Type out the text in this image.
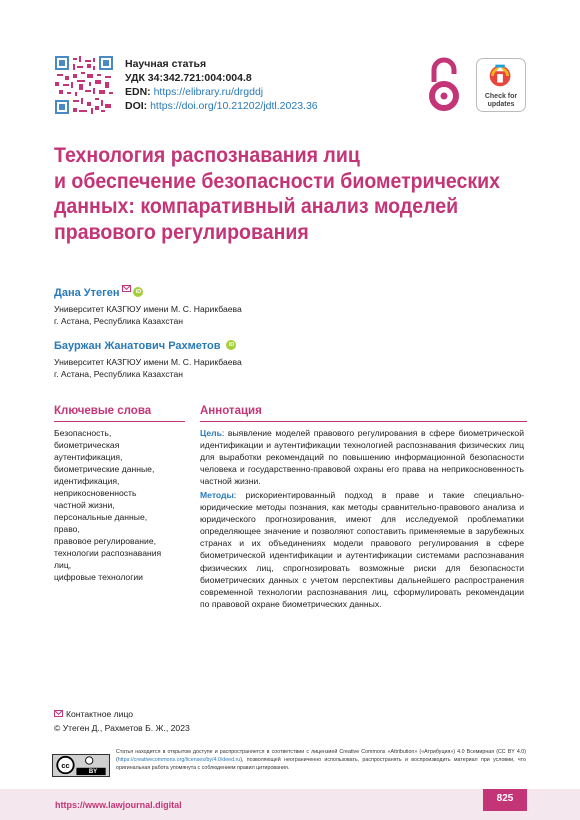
Научная статья
УДК 34:342.721:004:004.8
EDN: https://elibrary.ru/drgddj
DOI: https://doi.org/10.21202/jdtl.2023.36
Check for
updates
Технология распознавания лиц
и обеспечение безопасности биометрических
данных: компаративный анализ моделей
правового регулирования
Дана Утеген	iD
Университет КАЗГЮУ имени М. С. Нарикбаева
г. Астана, Республика Казахстан
Бауржан Жанатович Рахметов iD
Университет КАЗГЮУ имени М. С. Нарикбаева
г. Астана, Республика Казахстан
Ключевые слова
Безопасность,
биометрическая
аутентификация,
биометрические данные,
идентификация,
неприкосновенность
частной жизни,
персональные данные,
право,
правовое регулирование,
технологии распознавания
лиц,
цифровые технологии
Аннотация
Цель: выявление моделей правового регулирования в сфере биометрической идентификации и аутентификации технологией распознавания физических лиц для выработки рекомендаций по повышению информационной безопасности человека и государственно-правовой охраны его права на неприкосновенность частной жизни.
Методы: рискориентированный подход в праве и такие специально-юридические методы познания, как методы сравнительно-правового анализа и юридического прогнозирования, имеют для исследуемой проблематики определяющее значение и позволяют сопоставить применяемые в зарубежных странах и их объединениях модели правового регулирования в сфере биометрической идентификации и аутентификации системами распознавания физических лиц, спрогнозировать возможные риски для безопасности биометрических данных с учетом перспективы дальнейшего распространения современной технологии распознавания лиц, сформулировать рекомендации по правовой охране биометрических данных.
Контактное лицо
© Утеген Д., Рахметов Б. Ж., 2023
cc
BY
Статья находится в открытом доступе и распространяется в соответствии с лицензией Creative Commons «Attribution» («Атрибуция») 4.0 Всемирная (CC BY 4.0) (https://creativecommons.org/licenses/by/4.0/deed.ru), позволяющей неограниченно использовать, распространять и воспроизводить материал при условии, что оригинальная работа упомянута с соблюдением правил цитирования.
https://www.lawjournal.digital
825
